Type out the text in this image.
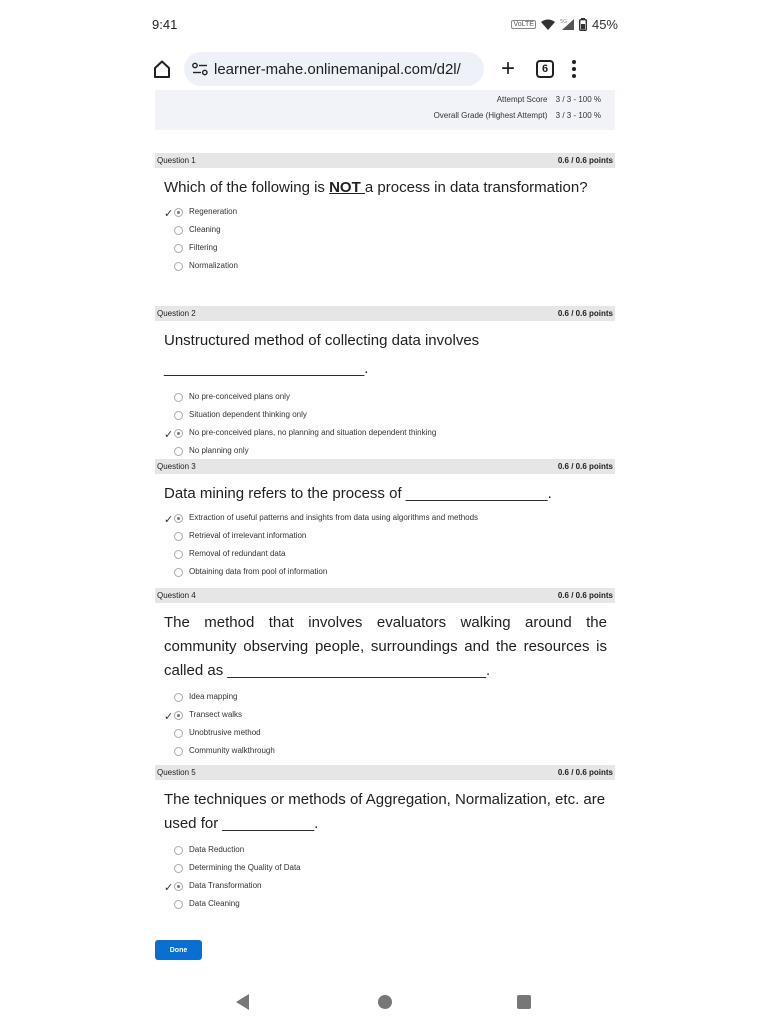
9:41	VoLTE	5G 45%
learner-mahe.onlinemanipal.com/d2l/ +	6
Attempt Score 3 / 3 - 100 %
Overall Grade (Highest Attempt) 3 / 3 - 100 %
Question 1	0.6 / 0.6 points
Which of the following is NOT a process in data transformation?
✓ Regeneration
Cleaning
Filtering
Normalization
Question 2	0.6 / 0.6 points
Unstructured method of collecting data involves ________________________.
No pre-conceived plans only
Situation dependent thinking only
✓ No pre-conceived plans, no planning and situation dependent thinking
No planning only
Question 3	0.6 / 0.6 points
Data mining refers to the process of _________________.
✓ Extraction of useful patterns and insights from data using algorithms and methods
Retrieval of irrelevant information
Removal of redundant data
Obtaining data from pool of information
Question 4	0.6 / 0.6 points
The method that involves evaluators walking around the community observing people, surroundings and the resources is called as _______________________________.
Idea mapping
✓ Transect walks
Unobtrusive method
Community walkthrough
Question 5	0.6 / 0.6 points
The techniques or methods of Aggregation, Normalization, etc. are used for ___________.
Data Reduction
Determining the Quality of Data
✓ Data Transformation
Data Cleaning
Done
